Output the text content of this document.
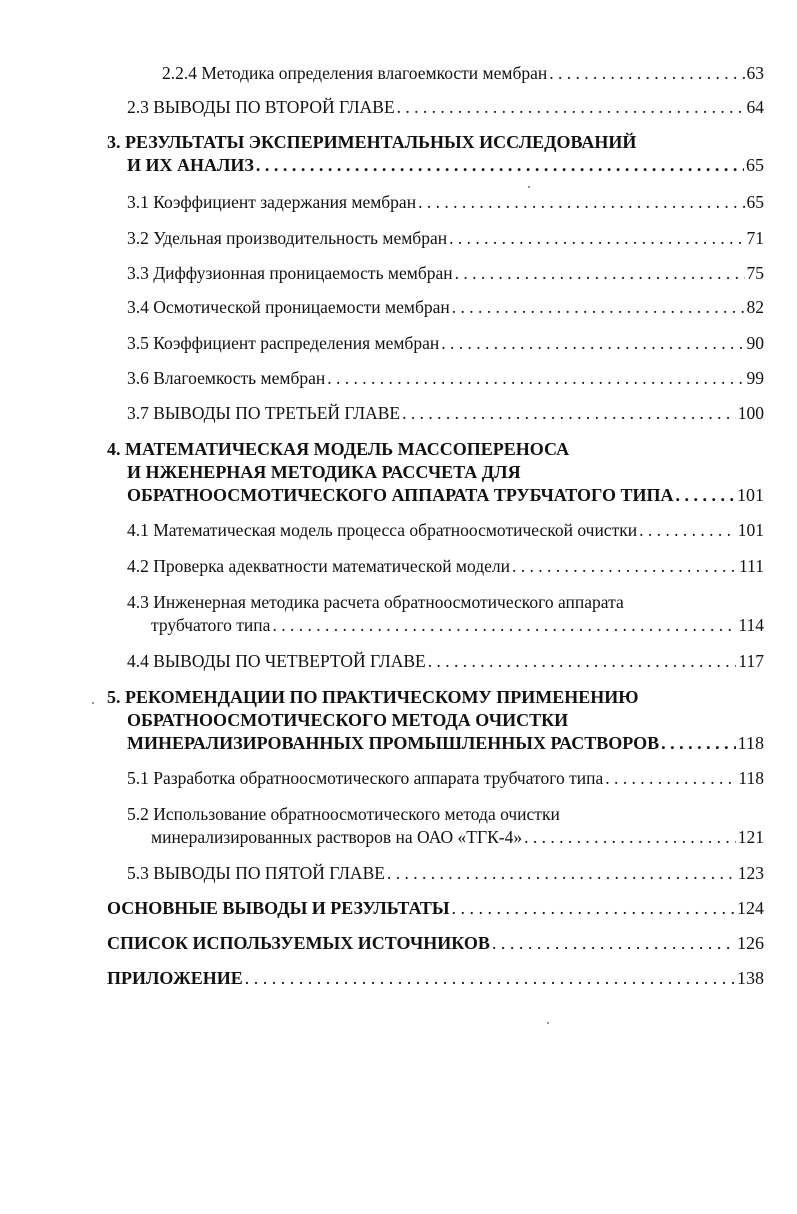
2.2.4 Методика определения влагоемкости мембран . . .	63
2.3 ВЫВОДЫ ПО ВТОРОЙ ГЛАВЕ . . .	64
3. РЕЗУЛЬТАТЫ ЭКСПЕРИМЕНТАЛЬНЫХ ИССЛЕДОВАНИЙ
И ИХ АНАЛИЗ . . .	65
3.1 Коэффициент задержания мембран . . .	65
3.2 Удельная производительность мембран . . .	71
3.3 Диффузионная проницаемость мембран . . .	75
3.4 Осмотической проницаемости мембран . . .	82
3.5 Коэффициент распределения мембран . . .	90
3.6 Влагоемкость мембран . . .	99
3.7 ВЫВОДЫ ПО ТРЕТЬЕЙ ГЛАВЕ . . .	100
4. МАТЕМАТИЧЕСКАЯ МОДЕЛЬ МАССОПЕРЕНОСА
И НЖЕНЕРНАЯ МЕТОДИКА РАССЧЕТА ДЛЯ
ОБРАТНООСМОТИЧЕСКОГО АППАРАТА ТРУБЧАТОГО ТИПА . . .	101
4.1 Математическая модель процесса обратноосмотической очистки . . .	101
4.2 Проверка адекватности математической модели . . .	111
4.3 Инженерная методика расчета обратноосмотического аппарата
трубчатого типа . . .	114
4.4 ВЫВОДЫ ПО ЧЕТВЕРТОЙ ГЛАВЕ . . .	117
5. РЕКОМЕНДАЦИИ ПО ПРАКТИЧЕСКОМУ ПРИМЕНЕНИЮ
ОБРАТНООСМОТИЧЕСКОГО МЕТОДА ОЧИСТКИ
МИНЕРАЛИЗИРОВАННЫХ ПРОМЫШЛЕННЫХ РАСТВОРОВ . . .	118
5.1 Разработка обратноосмотического аппарата трубчатого типа . . .	118
5.2 Использование обратноосмотического метода очистки
минерализированных растворов на ОАО «ТГК-4» . . .	121
5.3 ВЫВОДЫ ПО ПЯТОЙ ГЛАВЕ . . .	123
ОСНОВНЫЕ ВЫВОДЫ И РЕЗУЛЬТАТЫ . . .	124
СПИСОК ИСПОЛЬЗУЕМЫХ ИСТОЧНИКОВ . . .	126
ПРИЛОЖЕНИЕ . . .	138
